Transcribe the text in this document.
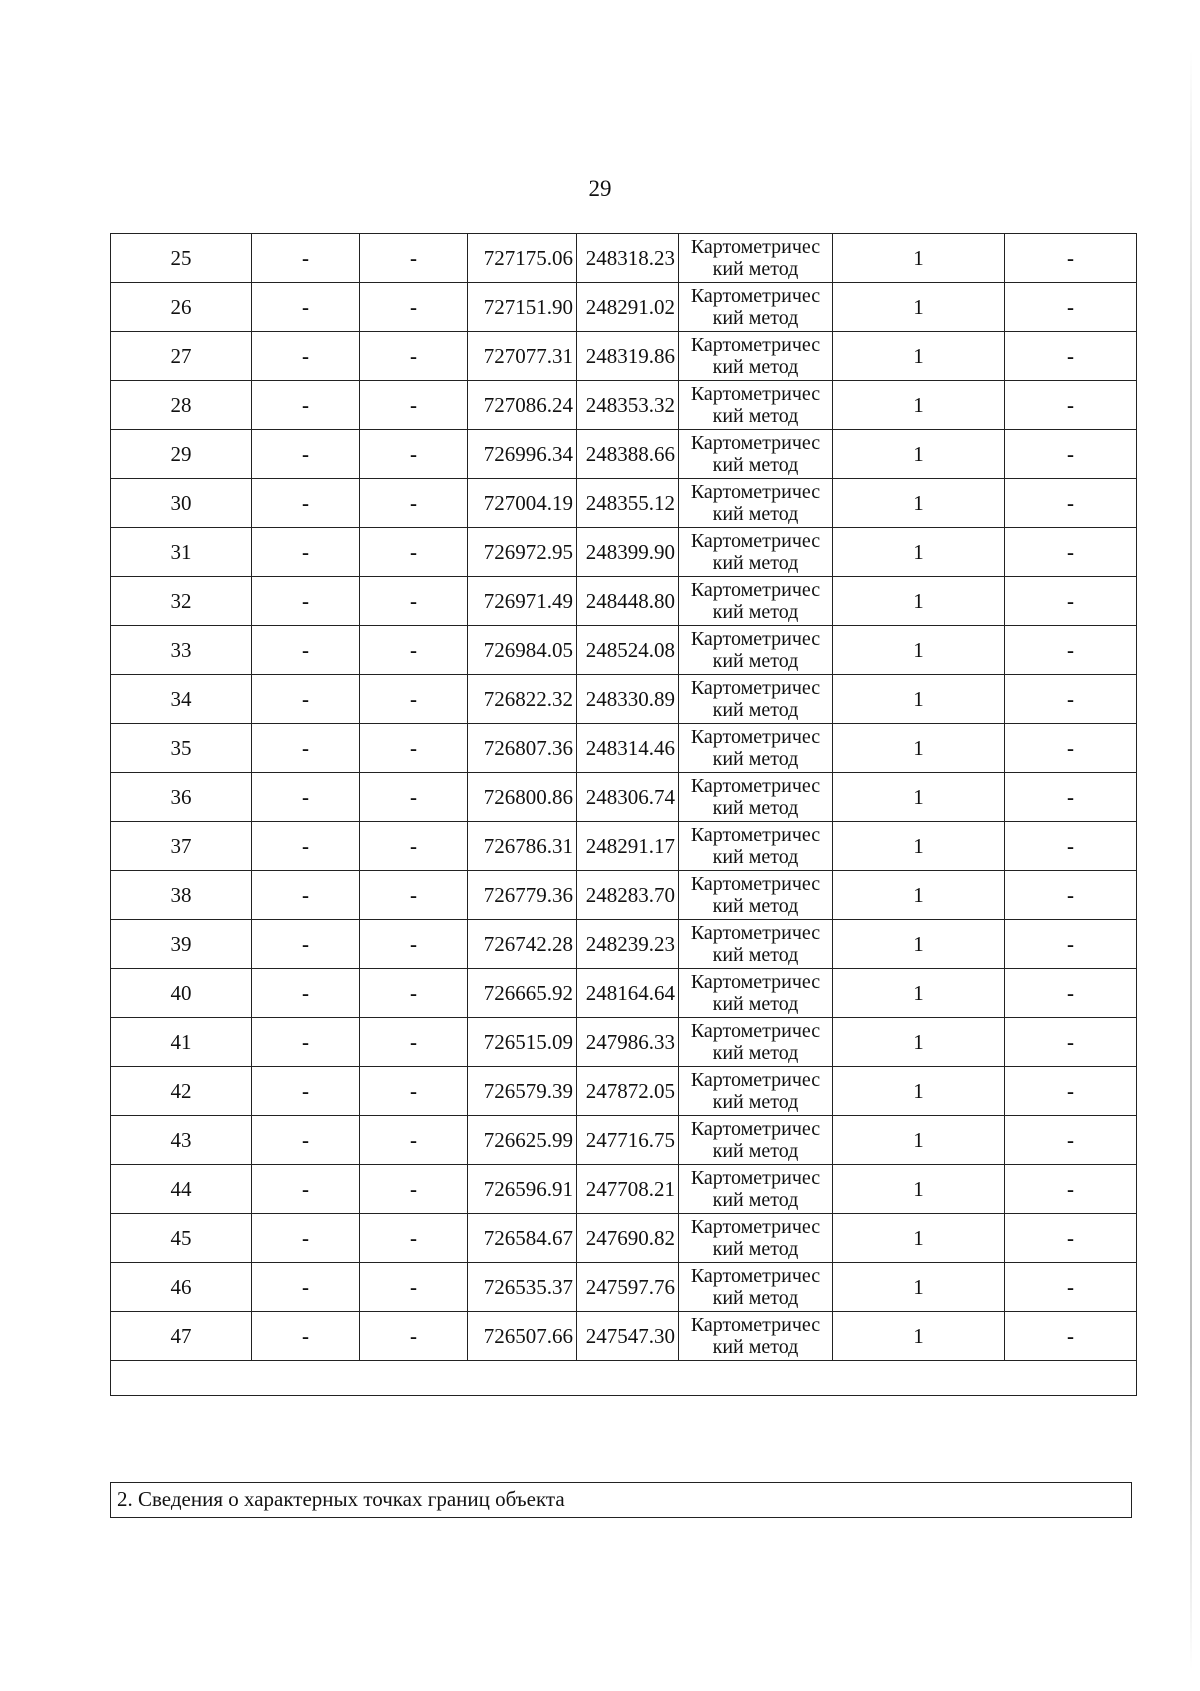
29
25	-	-	727175.06	248318.23	Картометричес
кий метод	1	-
26	-	-	727151.90	248291.02	Картометричес
кий метод	1	-
27	-	-	727077.31	248319.86	Картометричес
кий метод	1	-
28	-	-	727086.24	248353.32	Картометричес
кий метод	1	-
29	-	-	726996.34	248388.66	Картометричес
кий метод	1	-
30	-	-	727004.19	248355.12	Картометричес
кий метод	1	-
31	-	-	726972.95	248399.90	Картометричес
кий метод	1	-
32	-	-	726971.49	248448.80	Картометричес
кий метод	1	-
33	-	-	726984.05	248524.08	Картометричес
кий метод	1	-
34	-	-	726822.32	248330.89	Картометричес
кий метод	1	-
35	-	-	726807.36	248314.46	Картометричес
кий метод	1	-
36	-	-	726800.86	248306.74	Картометричес
кий метод	1	-
37	-	-	726786.31	248291.17	Картометричес
кий метод	1	-
38	-	-	726779.36	248283.70	Картометричес
кий метод	1	-
39	-	-	726742.28	248239.23	Картометричес
кий метод	1	-
40	-	-	726665.92	248164.64	Картометричес
кий метод	1	-
41	-	-	726515.09	247986.33	Картометричес
кий метод	1	-
42	-	-	726579.39	247872.05	Картометричес
кий метод	1	-
43	-	-	726625.99	247716.75	Картометричес
кий метод	1	-
44	-	-	726596.91	247708.21	Картометричес
кий метод	1	-
45	-	-	726584.67	247690.82	Картометричес
кий метод	1	-
46	-	-	726535.37	247597.76	Картометричес
кий метод	1	-
47	-	-	726507.66	247547.30	Картометричес
кий метод	1	-

2. Сведения о характерных точках границ объекта
